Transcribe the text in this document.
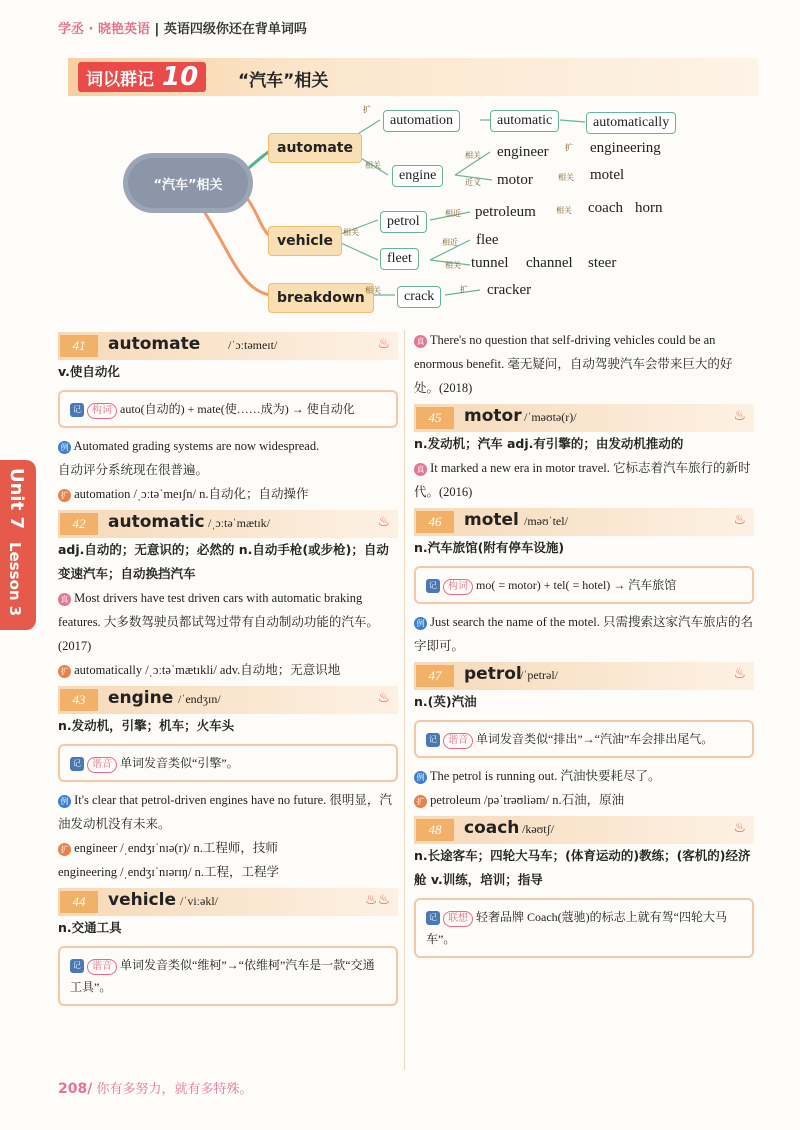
学丞 · 晓艳英语 | 英语四级你还在背单词吗
词以群记 10 “汽车”相关
“汽车”相关
automate
vehicle
breakdown
automation	automatic	automatically
engine
engineer	engineering
motor	motel
petrol
petroleum	coach horn
fleet
flee
tunnel channel steer
crack	cracker
扩
相关
相关
相近
扩
相关
近义
相关
相关
相关
相近
相关	扩
Unit 7
Lesson 3
41	automate /ˈɔːtəmeɪt/	♨
v.使自动化
记 构词 auto(自动的) + mate(使……成为) → 使自动化
例 Automated grading systems are now widespread.
自动评分系统现在很普遍。
扩 automation /ˌɔːtəˈmeɪʃn/ n.自动化；自动操作
42	automatic /ˌɔːtəˈmætɪk/	♨
adj.自动的；无意识的；必然的 n.自动手枪(或步枪)；自动变速汽车；自动换挡汽车
真 Most drivers have test driven cars with automatic braking features. 大多数驾驶员都试驾过带有自动制动功能的汽车。(2017)
扩 automatically /ˌɔːtəˈmætɪkli/ adv.自动地；无意识地
43	engine /ˈendʒɪn/	♨
n.发动机，引擎；机车；火车头
记 谐音 单词发音类似“引擎”。
例 It's clear that petrol-driven engines have no future. 很明显，汽油发动机没有未来。
扩 engineer /ˌendʒɪˈnɪə(r)/ n.工程师，技师
engineering /ˌendʒɪˈnɪərɪŋ/ n.工程，工程学
44	vehicle /ˈviːəkl/	♨♨
n.交通工具
记 谐音 单词发音类似“维柯”→“依维柯”汽车是一款“交通工具”。
真 There's no question that self-driving vehicles could be an enormous benefit. 毫无疑问，自动驾驶汽车会带来巨大的好处。(2018)
45	motor /ˈməʊtə(r)/	♨
n.发动机；汽车 adj.有引擎的；由发动机推动的
真 It marked a new era in motor travel. 它标志着汽车旅行的新时代。(2016)
46	motel /məʊˈtel/	♨
n.汽车旅馆(附有停车设施)
记 构词 mo( = motor) + tel( = hotel) → 汽车旅馆
例 Just search the name of the motel. 只需搜索这家汽车旅店的名字即可。
47	petrol
/ˈpetrəl/	♨
n.(英)汽油
记 谐音 单词发音类似“排出”→“汽油”车会排出尾气。
例 The petrol is running out. 汽油快要耗尽了。
扩 petroleum /pəˈtrəʊliəm/ n.石油，原油
48	coach /kəʊtʃ/	♨
n.长途客车；四轮大马车；(体育运动的)教练；(客机的)经济舱 v.训练，培训；指导
记 联想 轻奢品牌 Coach(蔻驰)的标志上就有驾“四轮大马车”。
208/ 你有多努力，就有多特殊。
